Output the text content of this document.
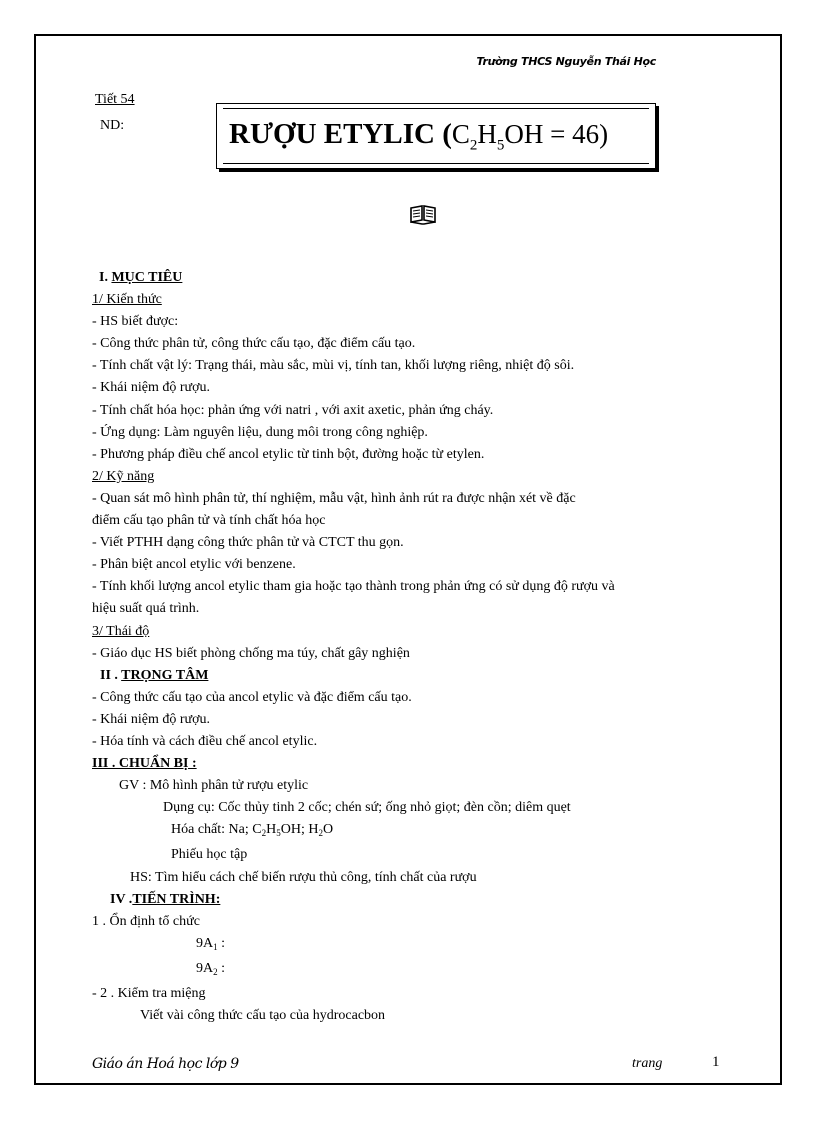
Trường THCS Nguyễn Thái Học
Tiết 54
ND:	RƯỢU ETYLIC $(C_2H_5OH = 46)$
I. MỤC TIÊU
1/ Kiến thức
- HS biết được:
- Công thức phân tử, công thức cấu tạo, đặc điểm cấu tạo.
- Tính chất vật lý: Trạng thái, màu sắc, mùi vị, tính tan, khối lượng riêng, nhiệt độ sôi.
- Khái niệm độ rượu.
- Tính chất hóa học: phản ứng với natri , với axit axetic, phản ứng cháy.
- Ứng dụng: Làm nguyên liệu, dung môi trong công nghiệp.
- Phương pháp điều chế ancol etylic từ tinh bột, đường hoặc từ etylen.
2/ Kỹ năng
- Quan sát mô hình phân tử, thí nghiệm, mẫu vật, hình ảnh rút ra được nhận xét về đặc
điểm cấu tạo phân tử và tính chất hóa học
- Viết PTHH dạng công thức phân tử và CTCT thu gọn.
- Phân biệt ancol etylic với benzene.
- Tính khối lượng ancol etylic tham gia hoặc tạo thành trong phản ứng có sử dụng độ rượu và
hiệu suất quá trình.
3/ Thái độ
- Giáo dục HS biết phòng chống ma túy, chất gây nghiện
II . TRỌNG TÂM
- Công thức cấu tạo của ancol etylic và đặc điểm cấu tạo.
- Khái niệm độ rượu.
- Hóa tính và cách điều chế ancol etylic.
III . CHUẨN BỊ :
GV : Mô hình phân tử rượu etylic
Dụng cụ: Cốc thủy tinh 2 cốc; chén sứ; ống nhỏ giọt; đèn cồn; diêm quẹt
Hóa chất: Na; $C_2H_5OH$; $H_2O$
Phiếu học tập
HS: Tìm hiểu cách chế biến rượu thủ công, tính chất của rượu
IV .TIẾN TRÌNH:
1 . Ổn định tổ chức
$9A_1$ :
$9A_2$ :
- 2 . Kiểm tra miệng
Viết vài công thức cấu tạo của hydrocacbon
Giáo án Hoá học lớp 9	trang	1
